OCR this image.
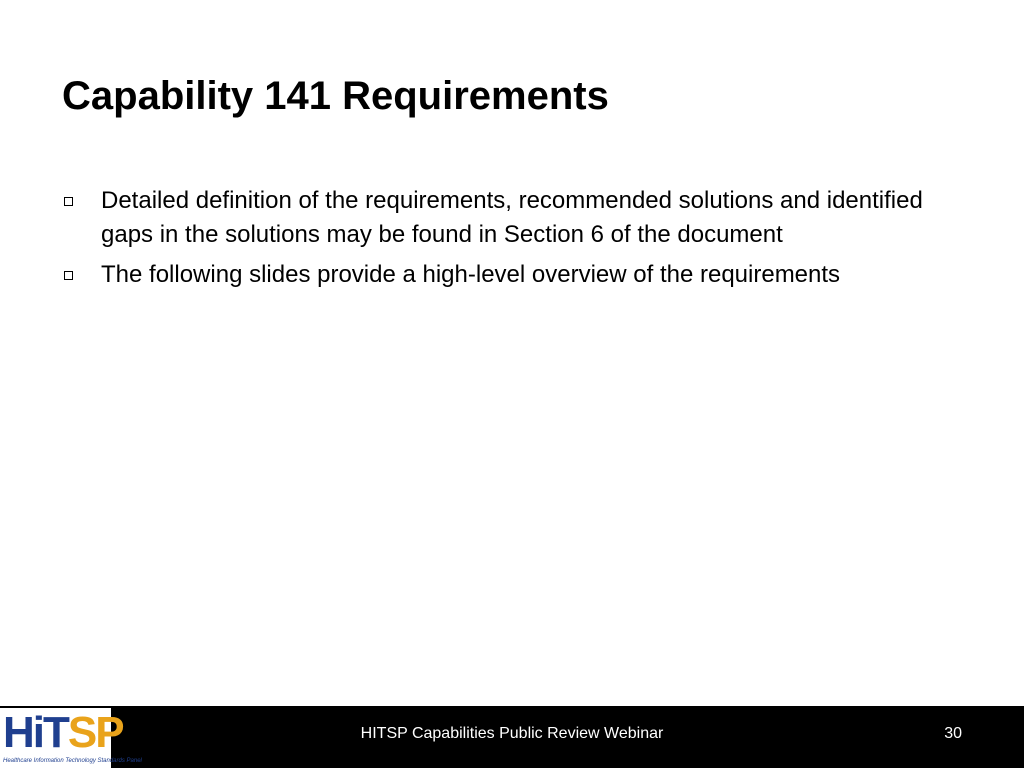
Capability 141 Requirements
Detailed definition of the requirements, recommended solutions and identified gaps in the solutions may be found in Section 6 of the document
The following slides provide a high-level overview of the requirements
HiTSP
Healthcare Information Technology Standards Panel
HITSP Capabilities Public Review Webinar	30
